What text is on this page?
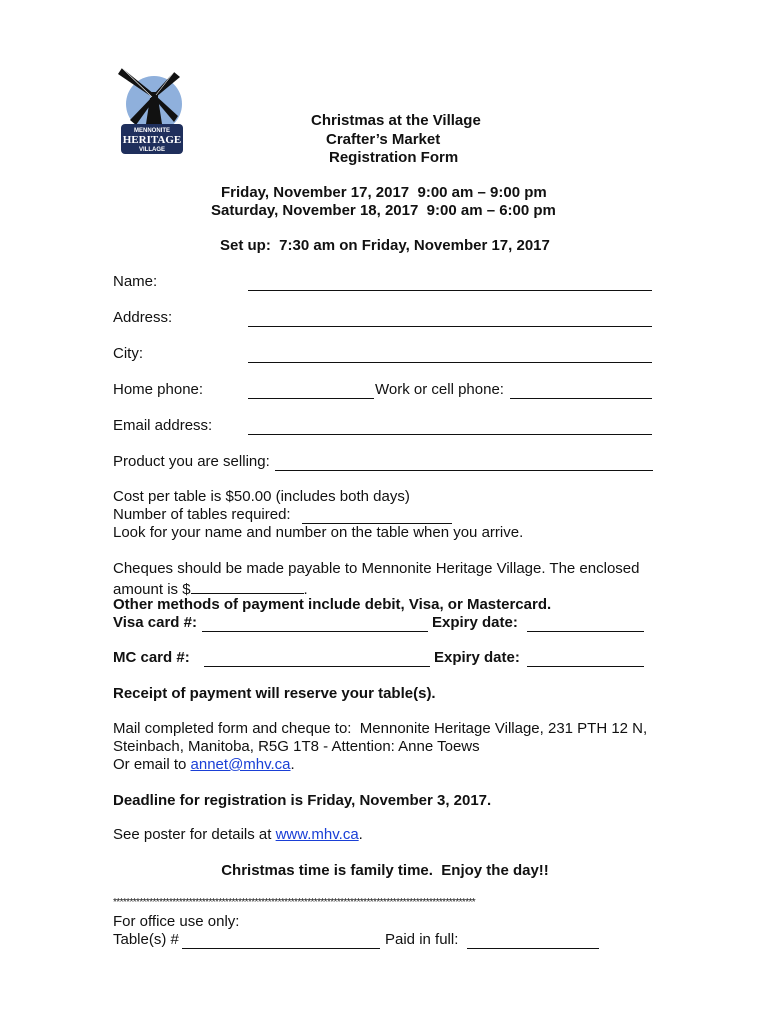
MENNONITE
HERITAGE
VILLAGE
Christmas at the Village
Crafter’s Market
Registration Form
Friday, November 17, 2017  9:00 am – 9:00 pm
Saturday, November 18, 2017  9:00 am – 6:00 pm
Set up:  7:30 am on Friday, November 17, 2017
Name:
Address:
City:
Home phone:	Work or cell phone:
Email address:
Product you are selling:
Cost per table is $50.00 (includes both days)
Number of tables required:
Look for your name and number on the table when you arrive.
Cheques should be made payable to Mennonite Heritage Village. The enclosed
amount is $	.
Other methods of payment include debit, Visa, or Mastercard.
Visa card #:	Expiry date:
MC card #:	Expiry date:
Receipt of payment will reserve your table(s).
Mail completed form and cheque to:  Mennonite Heritage Village, 231 PTH 12 N,
Steinbach, Manitoba, R5G 1T8 - Attention: Anne Toews
Or email to annet@mhv.ca.
Deadline for registration is Friday, November 3, 2017.
See poster for details at www.mhv.ca.
Christmas time is family time.  Enjoy the day!!
**************************************************************************************************************
For office use only:
Table(s) #	Paid in full:
